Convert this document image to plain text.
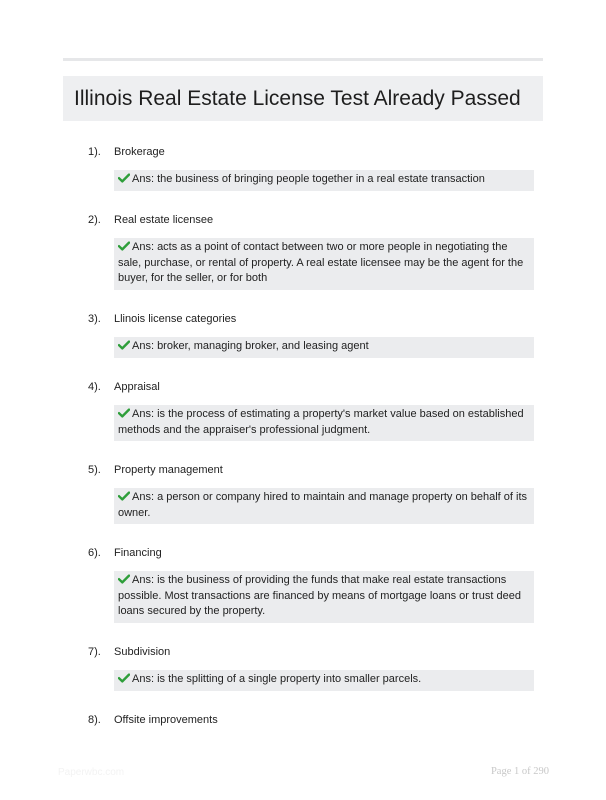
Illinois Real Estate License Test Already Passed
1). Brokerage
Ans: the business of bringing people together in a real estate transaction
2). Real estate licensee
Ans: acts as a point of contact between two or more people in negotiating the sale, purchase, or rental of property. A real estate licensee may be the agent for the buyer, for the seller, or for both
3). Llinois license categories
Ans: broker, managing broker, and leasing agent
4). Appraisal
Ans: is the process of estimating a property's market value based on established methods and the appraiser's professional judgment.
5). Property management
Ans: a person or company hired to maintain and manage property on behalf of its owner.
6). Financing
Ans: is the business of providing the funds that make real estate transactions possible. Most transactions are financed by means of mortgage loans or trust deed loans secured by the property.
7). Subdivision
Ans: is the splitting of a single property into smaller parcels.
8). Offsite improvements
Paperwbc.com	Page 1 of 290
